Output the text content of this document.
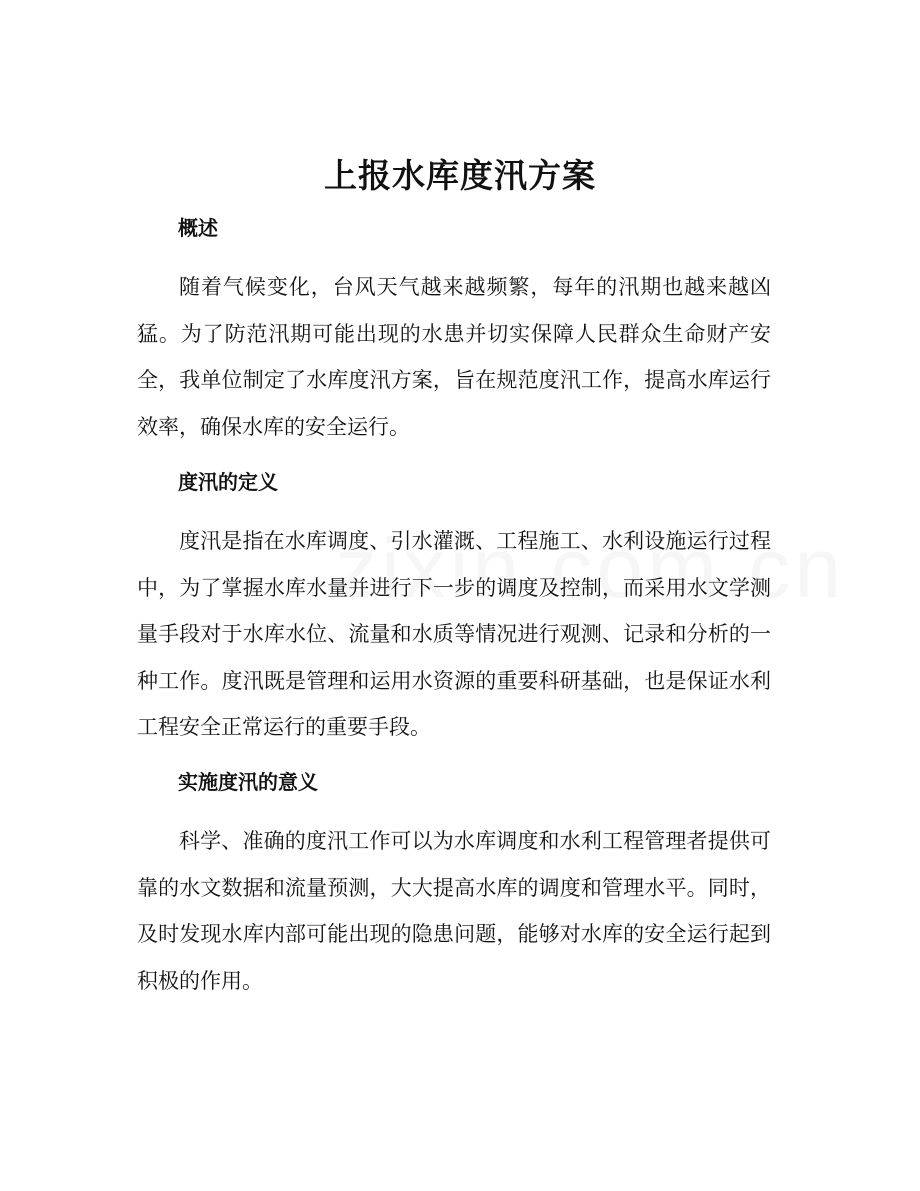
上报水库度汛方案
概述
随着气候变化，台风天气越来越频繁，每年的汛期也越来越凶猛。为了防范汛期可能出现的水患并切实保障人民群众生命财产安全，我单位制定了水库度汛方案，旨在规范度汛工作，提高水库运行效率，确保水库的安全运行。
度汛的定义
度汛是指在水库调度、引水灌溉、工程施工、水利设施运行过程中，为了掌握水库水量并进行下一步的调度及控制，而采用水文学测量手段对于水库水位、流量和水质等情况进行观测、记录和分析的一种工作。度汛既是管理和运用水资源的重要科研基础，也是保证水利工程安全正常运行的重要手段。
实施度汛的意义
科学、准确的度汛工作可以为水库调度和水利工程管理者提供可靠的水文数据和流量预测，大大提高水库的调度和管理水平。同时，及时发现水库内部可能出现的隐患问题，能够对水库的安全运行起到积极的作用。
